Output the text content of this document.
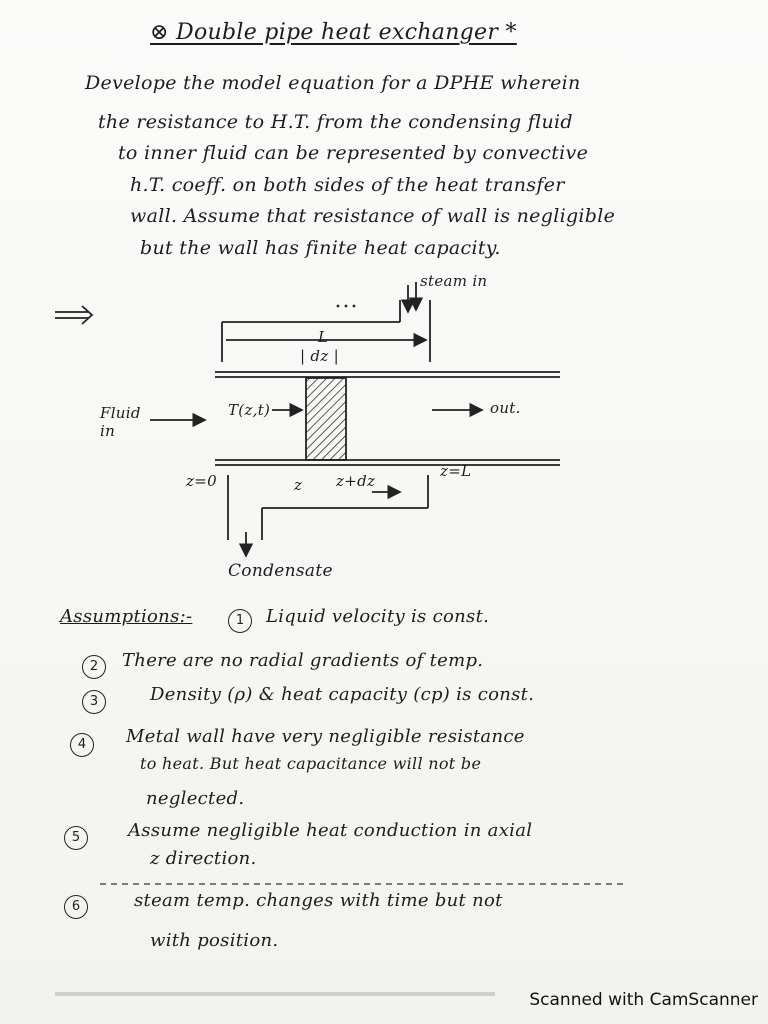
⊗ Double pipe heat exchanger *
Develope the model equation for a DPHE wherein
the resistance to H.T. from the condensing fluid
to inner fluid can be represented by convective
h.T. coeff. on both sides of the heat transfer
wall. Assume that resistance of wall is negligible
but the wall has finite heat capacity.
steam in
L
| dz |
Fluid
in
T(z,t)	out.
z=0	z z+dz
z=L
Condensate
Assumptions:-	1	Liquid velocity is const.
2	There are no radial gradients of temp.
3	Density (ρ) & heat capacity (cp) is const.
4	Metal wall have very negligible resistance
to heat. But heat capacitance will not be
neglected.
5	Assume negligible heat conduction in axial
z direction.
6	steam temp. changes with time but not
with position.
Scanned with CamScanner
